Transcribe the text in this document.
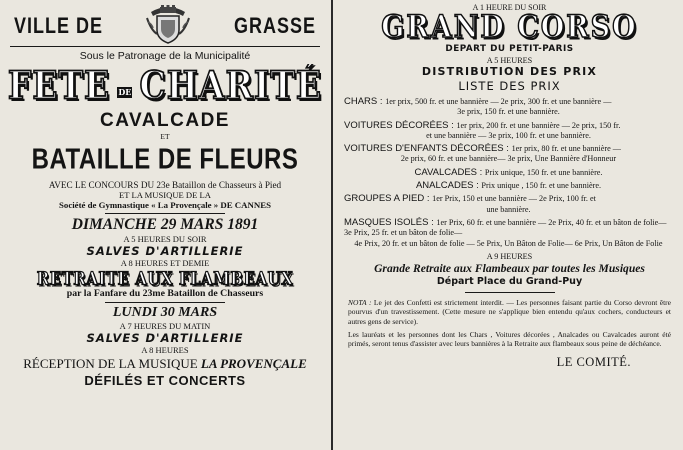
VILLE DE	GRASSE

Sous le Patronage de la Municipalité

FETE DE CHARITÉ

CAVALCADE

ET

BATAILLE DE FLEURS

AVEC LE CONCOURS DU 23e Bataillon de Chasseurs à Pied

ET LA MUSIQUE DE LA

Société de Gymnastique « La Provençale » DE CANNES

DIMANCHE 29 MARS 1891

A 5 HEURES DU SOIR

SALVES D'ARTILLERIE

A 8 HEURES ET DEMIE

RETRAITE AUX FLAMBEAUX

par la Fanfare du 23me Bataillon de Chasseurs

LUNDI 30 MARS

A 7 HEURES DU MATIN

SALVES D'ARTILLERIE

A 8 HEURES

RÉCEPTION DE LA MUSIQUE LA PROVENÇALE

DÉFILÉS ET CONCERTS

A 1 HEURE DU SOIR

GRAND CORSO

DÉPART DU PETIT-PARIS

A 5 HEURES

DISTRIBUTION DES PRIX

LISTE DES PRIX

CHARS : 1er prix, 500 fr. et une bannière — 2e prix, 300 fr. et une bannière —
3e prix, 150 fr. et une bannière.
VOITURES DÉCORÉES : 1er prix, 200 fr. et une bannière — 2e prix, 150 fr.
et une bannière — 3e prix, 100 fr. et une bannière.
VOITURES D'ENFANTS DÉCORÉES : 1er prix, 80 fr. et une bannière —
2e prix, 60 fr. et une bannière— 3e prix, Une Bannière d'Honneur
CAVALCADES : Prix unique, 150 fr. et une bannière.
ANALCADES : Prix unique , 150 fr. et une bannière.
GROUPES A PIED : 1er Prix, 150 et une bannière — 2e Prix, 100 fr. et
une bannière.
MASQUES ISOLÉS : 1er Prix, 60 fr. et une bannière — 2e Prix, 40 fr. et un bâton de folie— 3e Prix, 25 fr. et un bâton de folie—
4e Prix, 20 fr. et un bâton de folie — 5e Prix, Un Bâton de Folie— 6e Prix, Un Bâton de Folie

A 9 HEURES

Grande Retraite aux Flambeaux par toutes les Musiques

Départ Place du Grand-Puy

NOTA : Le jet des Confetti est strictement interdit. — Les personnes faisant partie du Corso devront être pourvus d'un travestissement. (Cette mesure ne s'applique bien entendu qu'aux cochers, conducteurs et autres gens de service).

Les lauréats et les personnes dont les Chars , Voitures décorées , Analcades ou Cavalcades auront été primés, seront tenus d'assister avec leurs bannières à la Retraite aux flambeaux sous peine de déchéance.

LE COMITÉ.
